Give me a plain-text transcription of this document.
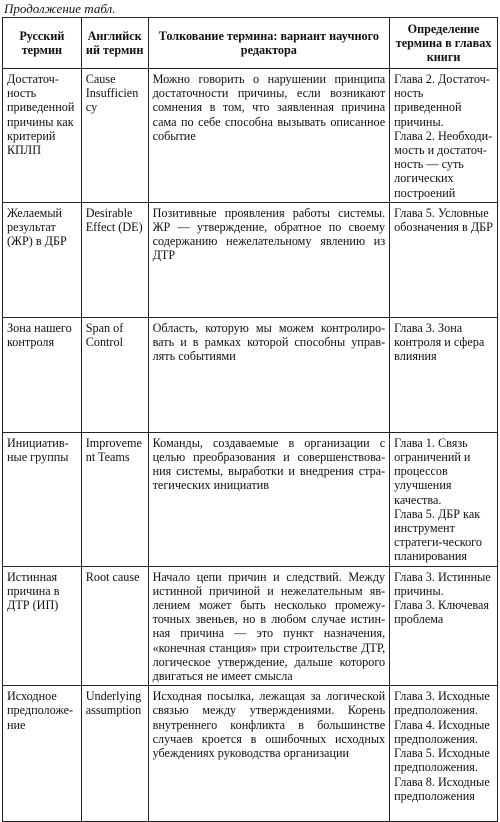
Продолжение табл.
Русский термин	Английский термин	Толкование термина: вариант научного редактора	Определение термина в главах книги
Достаточ-ность приведенной причины как критерий КПЛП	Cause Insufficiency	Можно говорить о нарушении принципа достаточности причины, если возникают сомнения в том, что заявленная причина сама по себе способна вызывать описанное событие	Глава 2. Достаточ-ность приведенной причины.
Глава 2. Необходи-мость и достаточ-ность — суть логических построений

Желаемый результат (ЖР) в ДБР	Desirable Effect (DE)	Позитивные проявления работы системы. ЖР — утверждение, обратное по своему содержанию нежелательному явлению из ДТР	Глава 5. Условные обозначения в ДБР

Зона нашего контроля	Span of Control	Область, которую мы можем контролиро-вать и в рамках которой способны управ-лять событиями	Глава 3. Зона контроля и сфера влияния

Инициатив-ные группы	Improvement Teams	Команды, создаваемые в организации с целью преобразования и совершенствова-ния системы, выработки и внедрения стра-тегических инициатив	Глава 1. Связь ограничений и процессов улучшения качества.
Глава 5. ДБР как инструмент стратеги-ческого планирования

Истинная причина в ДТР (ИП)	Root cause	Начало цепи причин и следствий. Между истинной причиной и нежелательным яв-лением может быть несколько промежу-точных звеньев, но в любом случае истин-ная причина — это пункт назначения, «конечная станция» при строительстве ДТР, логическое утверждение, дальше которого двигаться не имеет смысла	Глава 3. Истинные причины.
Глава 3. Ключевая проблема

Исходное предположе-ние	Underlying assumption	Исходная посылка, лежащая за логической связью между утверждениями. Корень внутреннего конфликта в большинстве случаев кроется в ошибочных исходных убеждениях руководства организации	Глава 3. Исходные предположения.
Глава 4. Исходные предположения.
Глава 5. Исходные предположения.
Глава 8. Исходные предположения
